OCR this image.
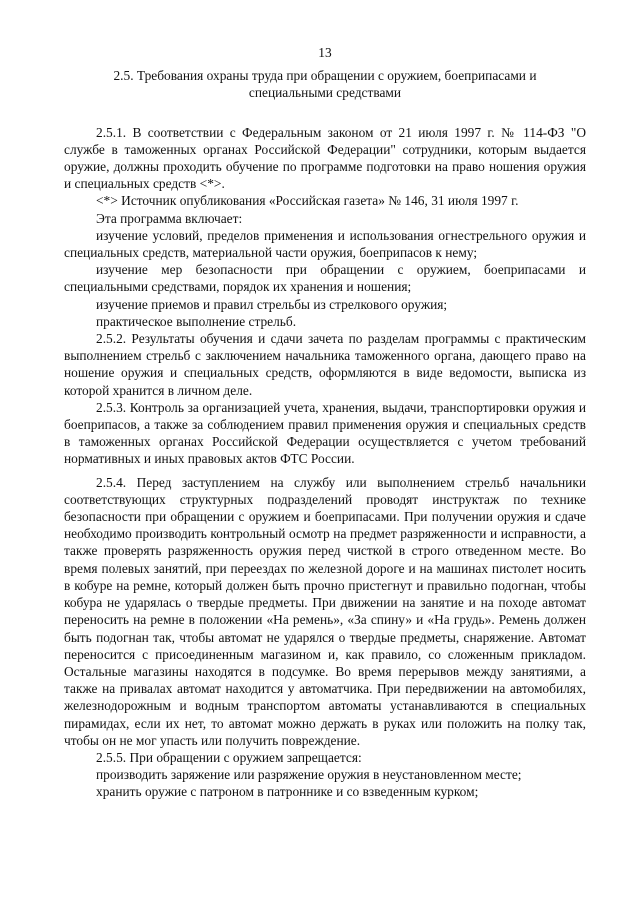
13
2.5. Требования охраны труда при обращении с оружием, боеприпасами и специальными средствами

2.5.1. В соответствии с Федеральным законом от 21 июля 1997 г. № 114-ФЗ "О службе в таможенных органах Российской Федерации" сотрудники, которым выдается оружие, должны проходить обучение по программе подготовки на право ношения оружия и специальных средств <*>.

<*> Источник опубликования «Российская газета» № 146, 31 июля 1997 г.

Эта программа включает:

изучение условий, пределов применения и использования огнестрельного оружия и специальных средств, материальной части оружия, боеприпасов к нему;

изучение мер безопасности при обращении с оружием, боеприпасами и специальными средствами, порядок их хранения и ношения;

изучение приемов и правил стрельбы из стрелкового оружия;

практическое выполнение стрельб.

2.5.2. Результаты обучения и сдачи зачета по разделам программы с практическим выполнением стрельб с заключением начальника таможенного органа, дающего право на ношение оружия и специальных средств, оформляются в виде ведомости, выписка из которой хранится в личном деле.

2.5.3. Контроль за организацией учета, хранения, выдачи, транспортировки оружия и боеприпасов, а также за соблюдением правил применения оружия и специальных средств в таможенных органах Российской Федерации осуществляется с учетом требований нормативных и иных правовых актов ФТС России.

2.5.4. Перед заступлением на службу или выполнением стрельб начальники соответствующих структурных подразделений проводят инструктаж по технике безопасности при обращении с оружием и боеприпасами. При получении оружия и сдаче необходимо производить контрольный осмотр на предмет разряженности и исправности, а также проверять разряженность оружия перед чисткой в строго отведенном месте. Во время полевых занятий, при переездах по железной дороге и на машинах пистолет носить в кобуре на ремне, который должен быть прочно пристегнут и правильно подогнан, чтобы кобура не ударялась о твердые предметы. При движении на занятие и на походе автомат переносить на ремне в положении «На ремень», «За спину» и «На грудь». Ремень должен быть подогнан так, чтобы автомат не ударялся о твердые предметы, снаряжение. Автомат переносится с присоединенным магазином и, как правило, со сложенным прикладом. Остальные магазины находятся в подсумке. Во время перерывов между занятиями, а также на привалах автомат находится у автоматчика. При передвижении на автомобилях, железнодорожным и водным транспортом автоматы устанавливаются в специальных пирамидах, если их нет, то автомат можно держать в руках или положить на полку так, чтобы он не мог упасть или получить повреждение.

2.5.5. При обращении с оружием запрещается:

производить заряжение или разряжение оружия в неустановленном месте;

хранить оружие с патроном в патроннике и со взведенным курком;
